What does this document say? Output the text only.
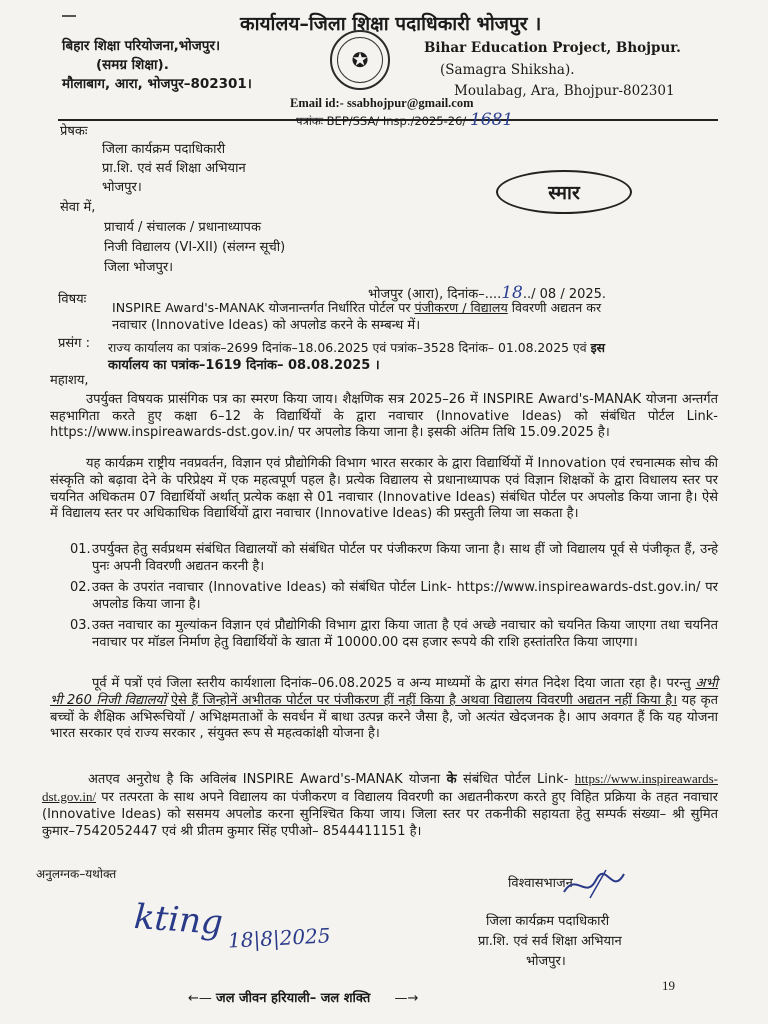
कार्यालय–जिला शिक्षा पदाधिकारी भोजपुर ।
बिहार शिक्षा परियोजना,भोजपुर।
(समग्र शिक्षा).
मौलाबाग, आरा, भोजपुर–802301।
✪	Bihar Education Project, Bhojpur.
(Samagra Shiksha).
Moulabag, Ara, Bhojpur-802301
Email id:- ssabhojpur@gmail.com
पत्रांकः BEP/SSA/ Insp./2025-26/ 1681
प्रेषकः
जिला कार्यक्रम पदाधिकारी
प्रा.शि. एवं सर्व शिक्षा अभियान
भोजपुर।	स्मार
सेवा में,
प्राचार्य / संचालक / प्रधानाध्यापक
निजी विद्यालय (VI-XII) (संलग्न सूची)
जिला भोजपुर।
भोजपुर (आरा), दिनांक–....18../ 08 / 2025.
विषयः
INSPIRE Award's-MANAK योजनान्तर्गत निर्धारित पोर्टल पर पंजीकरण / विद्यालय विवरणी अद्यतन कर
नवाचार (Innovative Ideas) को अपलोड करने के सम्बन्ध में।
प्रसंग : राज्य कार्यालय का पत्रांक–2699 दिनांक–18.06.2025 एवं पत्रांक–3528 दिनांक– 01.08.2025 एवं इस
कार्यालय का पत्रांक–1619 दिनांक– 08.08.2025 ।
महाशय,
उपर्युक्त विषयक प्रासंगिक पत्र का स्मरण किया जाय। शैक्षणिक सत्र 2025–26 में INSPIRE Award's-MANAK योजना अन्तर्गत सहभागिता करते हुए कक्षा 6–12 के विद्यार्थियों के द्वारा नवाचार (Innovative Ideas) को संबंधित पोर्टल Link- https://www.inspireawards-dst.gov.in/ पर अपलोड किया जाना है। इसकी अंतिम तिथि 15.09.2025 है।
यह कार्यक्रम राष्ट्रीय नवप्रवर्तन, विज्ञान एवं प्रौद्योगिकी विभाग भारत सरकार के द्वारा विद्यार्थियों में Innovation एवं रचनात्मक सोच की संस्कृति को बढ़ावा देने के परिप्रेक्ष्य में एक महत्वपूर्ण पहल है। प्रत्येक विद्यालय से प्रधानाध्यापक एवं विज्ञान शिक्षकों के द्वारा विधालय स्तर पर चयनित अधिकतम 07 विद्यार्थियों अर्थात् प्रत्येक कक्षा से 01 नवाचार (Innovative Ideas) संबंधित पोर्टल पर अपलोड किया जाना है। ऐसे में विद्यालय स्तर पर अधिकाधिक विद्यार्थियों द्वारा नवाचार (Innovative Ideas) की प्रस्तुती लिया जा सकता है।
01. उपर्युक्त हेतु सर्वप्रथम संबंधित विद्यालयों को संबंधित पोर्टल पर पंजीकरण किया जाना है। साथ हीं जो विद्यालय पूर्व से पंजीकृत हैं, उन्हे पुनः अपनी विवरणी अद्यतन करनी है।
02. उक्त के उपरांत नवाचार (Innovative Ideas) को संबंधित पोर्टल Link- https://www.inspireawards-dst.gov.in/ पर अपलोड किया जाना है।
03. उक्त नवाचार का मुल्यांकन विज्ञान एवं प्रौद्योगिकी विभाग द्वारा किया जाता है एवं अच्छे नवाचार को चयनित किया जाएगा तथा चयनित नवाचार पर मॉडल निर्माण हेतु विद्यार्थियों के खाता में 10000.00 दस हजार रूपये की राशि हस्तांतरित किया जाएगा।
पूर्व में पत्रों एवं जिला स्तरीय कार्यशाला दिनांक–06.08.2025 व अन्य माध्यमों के द्वारा संगत निदेश दिया जाता रहा है। परन्तु अभी भी 260 निजी विद्यालयों ऐसे हैं जिन्होनें अभीतक पोर्टल पर पंजीकरण हीं नहीं किया है अथवा विद्यालय विवरणी अद्यतन नहीं किया है। यह कृत बच्चों के शैक्षिक अभिरूचियों / अभिक्षमताओं के सवर्धन में बाधा उत्पन्न करने जैसा है, जो अत्यंत खेदजनक है। आप अवगत हैं कि यह योजना भारत सरकार एवं राज्य सरकार , संयुक्त रूप से महत्वकांक्षी योजना है।
अतएव अनुरोध है कि अविलंब INSPIRE Award's-MANAK योजना के संबंधित पोर्टल Link- https://www.inspireawards-dst.gov.in/ पर तत्परता के साथ अपने विद्यालय का पंजीकरण व विद्यालय विवरणी का अद्यतनीकरण करते हुए विहित प्रक्रिया के तहत नवाचार (Innovative Ideas) को ससमय अपलोड करना सुनिश्चित किया जाय। जिला स्तर पर तकनीकी सहायता हेतु सम्पर्क संख्या– श्री सुमित कुमार–7542052447 एवं श्री प्रीतम कुमार सिंह एपीओ– 8544411151 है।
अनुलग्नक–यथोक्त
kting 18|8|2025
विश्वासभाजन
जिला कार्यक्रम पदाधिकारी
प्रा.शि. एवं सर्व शिक्षा अभियान
भोजपुर।
19
←— जल जीवन हरियाली– जल शक्ति —→
